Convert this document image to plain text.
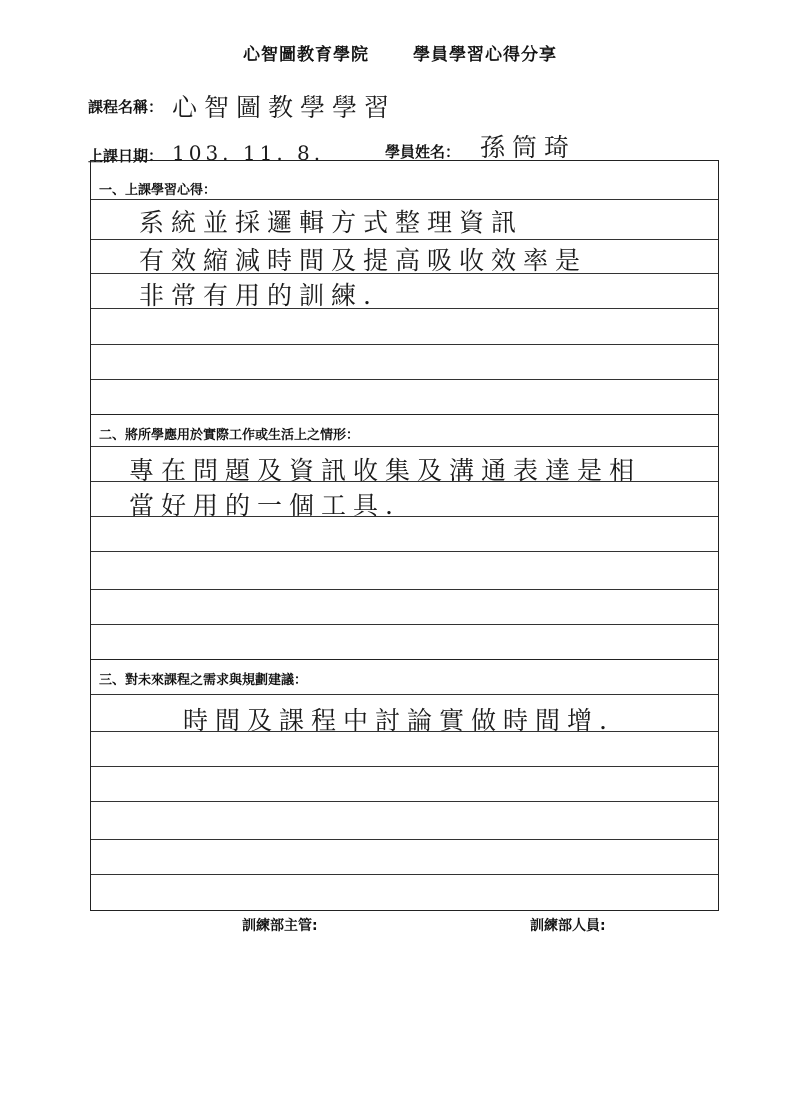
心智圖教育學院	學員學習心得分享
課程名稱： 心智圖教學學習
上課日期： 103. 11. 8.	學員姓名： 孫筒琦
一、上課學習心得：
系統並採邏輯方式整理資訊
有效縮減時間及提高吸收效率是
非常有用的訓練.
二、將所學應用於實際工作或生活上之情形：
專在問題及資訊收集及溝通表達是相
當好用的一個工具.
三、對未來課程之需求與規劃建議：
時間及課程中討論實做時間增.
訓練部主管:	訓練部人員:
